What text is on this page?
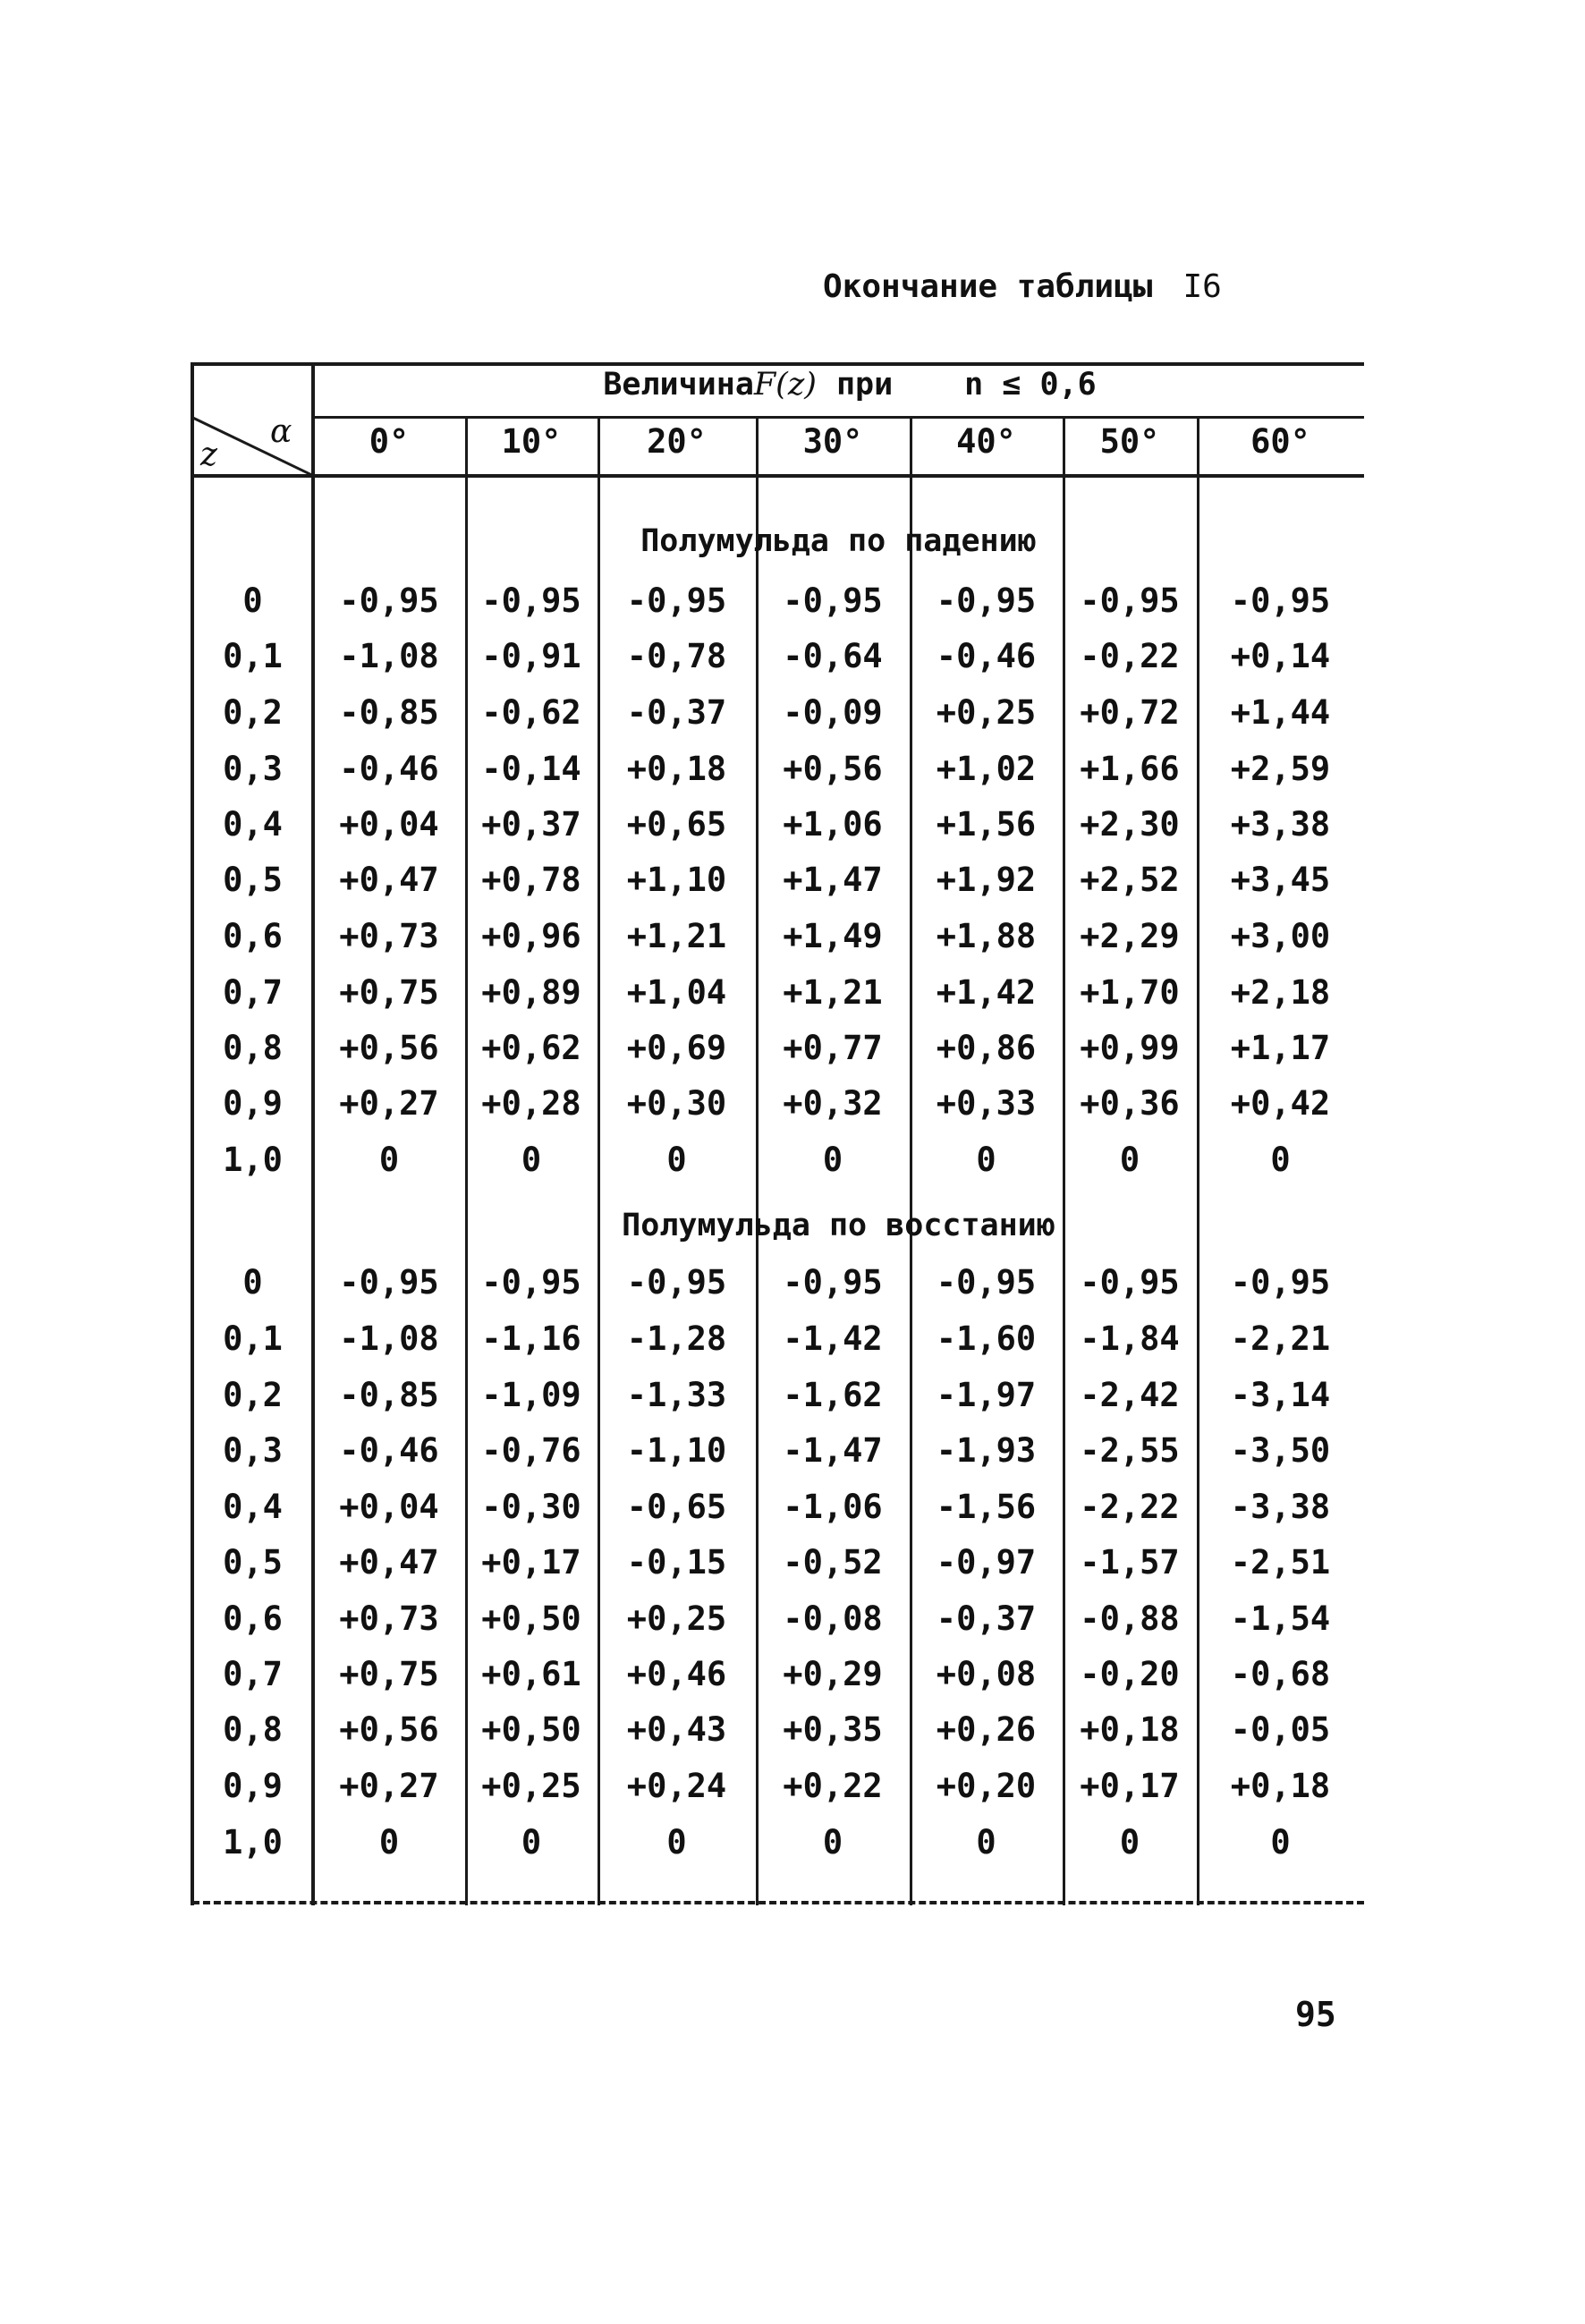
Окончание таблицы I6
ВеличинаF(z) при n ≤ 0,6
z
α	0°	10°	20°	30°	40°	50°	60°
Полумульда по падению
0	-0,95	-0,95	-0,95	-0,95	-0,95	-0,95	-0,95
0,1	-1,08	-0,91	-0,78	-0,64	-0,46	-0,22	+0,14
0,2	-0,85	-0,62	-0,37	-0,09	+0,25	+0,72	+1,44
0,3	-0,46	-0,14	+0,18	+0,56	+1,02	+1,66	+2,59
0,4	+0,04	+0,37	+0,65	+1,06	+1,56	+2,30	+3,38
0,5	+0,47	+0,78	+1,10	+1,47	+1,92	+2,52	+3,45
0,6	+0,73	+0,96	+1,21	+1,49	+1,88	+2,29	+3,00
0,7	+0,75	+0,89	+1,04	+1,21	+1,42	+1,70	+2,18
0,8	+0,56	+0,62	+0,69	+0,77	+0,86	+0,99	+1,17
0,9	+0,27	+0,28	+0,30	+0,32	+0,33	+0,36	+0,42
1,0	0	0	0	0	0	0	0
Полумульда по восстанию
0	-0,95	-0,95	-0,95	-0,95	-0,95	-0,95	-0,95
0,1	-1,08	-1,16	-1,28	-1,42	-1,60	-1,84	-2,21
0,2	-0,85	-1,09	-1,33	-1,62	-1,97	-2,42	-3,14
0,3	-0,46	-0,76	-1,10	-1,47	-1,93	-2,55	-3,50
0,4	+0,04	-0,30	-0,65	-1,06	-1,56	-2,22	-3,38
0,5	+0,47	+0,17	-0,15	-0,52	-0,97	-1,57	-2,51
0,6	+0,73	+0,50	+0,25	-0,08	-0,37	-0,88	-1,54
0,7	+0,75	+0,61	+0,46	+0,29	+0,08	-0,20	-0,68
0,8	+0,56	+0,50	+0,43	+0,35	+0,26	+0,18	-0,05
0,9	+0,27	+0,25	+0,24	+0,22	+0,20	+0,17	+0,18
1,0	0	0	0	0	0	0	0
95
